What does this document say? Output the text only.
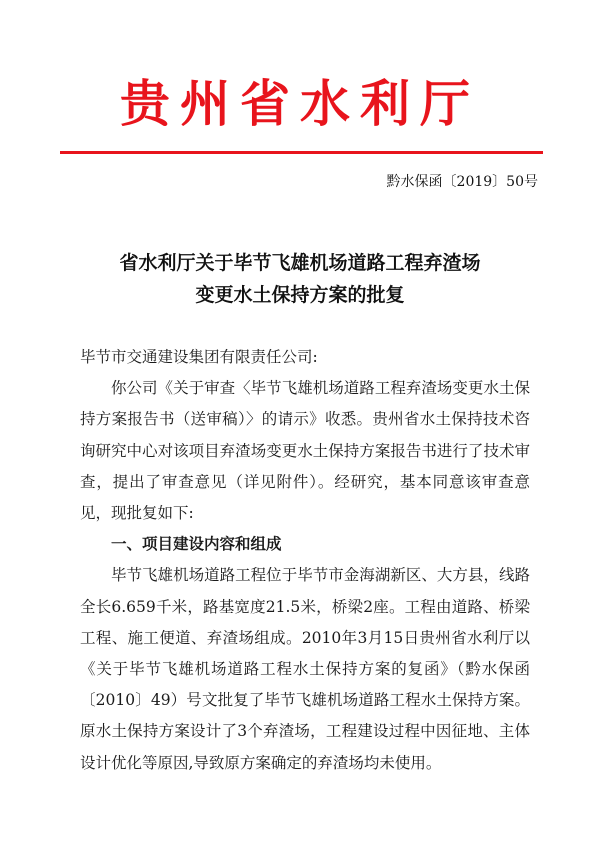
贵州省水利厅
黔水保函〔2019〕50号
省水利厅关于毕节飞雄机场道路工程弃渣场
变更水土保持方案的批复

毕节市交通建设集团有限责任公司:

你公司《关于审查〈毕节飞雄机场道路工程弃渣场变更水土保持方案报告书（送审稿）〉的请示》收悉。贵州省水土保持技术咨询研究中心对该项目弃渣场变更水土保持方案报告书进行了技术审查，提出了审查意见（详见附件）。经研究，基本同意该审查意见，现批复如下:

一、项目建设内容和组成

毕节飞雄机场道路工程位于毕节市金海湖新区、大方县，线路全长6.659千米，路基宽度21.5米，桥梁2座。工程由道路、桥梁工程、施工便道、弃渣场组成。2010年3月15日贵州省水利厅以《关于毕节飞雄机场道路工程水土保持方案的复函》（黔水保函〔2010〕49）号文批复了毕节飞雄机场道路工程水土保持方案。原水土保持方案设计了3个弃渣场，工程建设过程中因征地、主体设计优化等原因,导致原方案确定的弃渣场均未使用。
